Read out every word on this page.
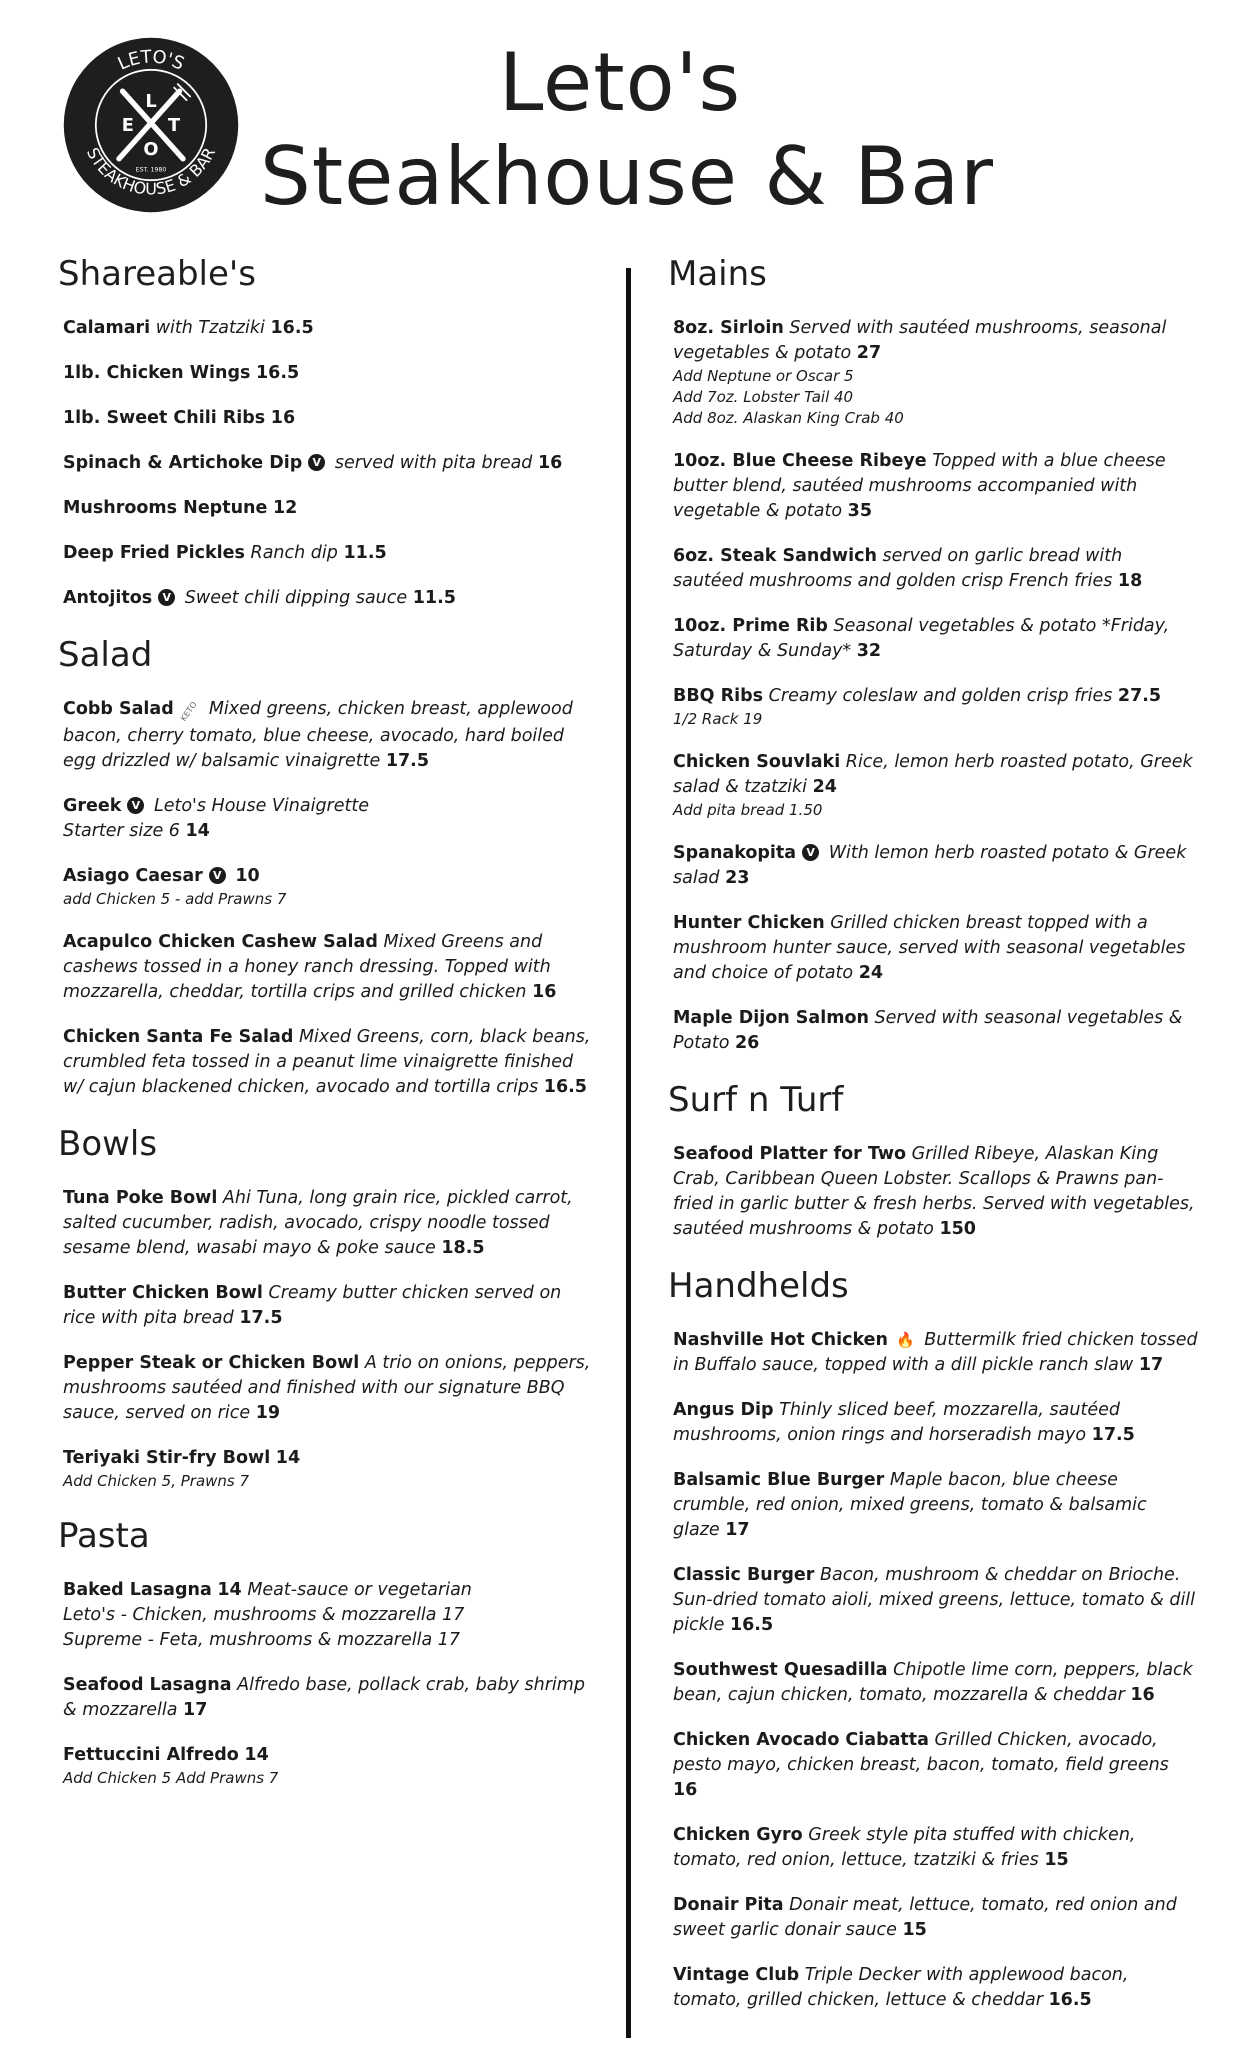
LETO'S
STEAKHOUSE & BAR
L
E T
O
EST. 1980
Leto's
Steakhouse & Bar
Shareable's
Calamari with Tzatziki 16.5
1lb. Chicken Wings 16.5
1lb. Sweet Chili Ribs 16
Spinach & Artichoke Dip V served with pita bread 16
Mushrooms Neptune 12
Deep Fried Pickles Ranch dip 11.5
Antojitos V Sweet chili dipping sauce 11.5
Salad
Cobb Salad KETO Mixed greens, chicken breast, applewood bacon, cherry tomato, blue cheese, avocado, hard boiled egg drizzled w/ balsamic vinaigrette 17.5
Greek V Leto's House Vinaigrette
Starter size 6 14
Asiago Caesar V 10
add Chicken 5 - add Prawns 7
Acapulco Chicken Cashew Salad Mixed Greens and cashews tossed in a honey ranch dressing. Topped with mozzarella, cheddar, tortilla crips and grilled chicken 16
Chicken Santa Fe Salad Mixed Greens, corn, black beans, crumbled feta tossed in a peanut lime vinaigrette finished w/ cajun blackened chicken, avocado and tortilla crips 16.5
Bowls
Tuna Poke Bowl Ahi Tuna, long grain rice, pickled carrot, salted cucumber, radish, avocado, crispy noodle tossed sesame blend, wasabi mayo & poke sauce 18.5
Butter Chicken Bowl Creamy butter chicken served on rice with pita bread 17.5
Pepper Steak or Chicken Bowl A trio on onions, peppers, mushrooms sautéed and finished with our signature BBQ sauce, served on rice 19
Teriyaki Stir-fry Bowl 14
Add Chicken 5, Prawns 7
Pasta
Baked Lasagna 14 Meat-sauce or vegetarian
Leto's - Chicken, mushrooms & mozzarella 17
Supreme - Feta, mushrooms & mozzarella 17
Seafood Lasagna Alfredo base, pollack crab, baby shrimp & mozzarella 17
Fettuccini Alfredo 14
Add Chicken 5 Add Prawns 7
Mains
8oz. Sirloin Served with sautéed mushrooms, seasonal vegetables & potato 27
Add Neptune or Oscar 5
Add 7oz. Lobster Tail 40
Add 8oz. Alaskan King Crab 40
10oz. Blue Cheese Ribeye Topped with a blue cheese butter blend, sautéed mushrooms accompanied with vegetable & potato 35
6oz. Steak Sandwich served on garlic bread with sautéed mushrooms and golden crisp French fries 18
10oz. Prime Rib Seasonal vegetables & potato *Friday, Saturday & Sunday* 32
BBQ Ribs Creamy coleslaw and golden crisp fries 27.5
1/2 Rack 19
Chicken Souvlaki Rice, lemon herb roasted potato, Greek salad & tzatziki 24
Add pita bread 1.50
Spanakopita V With lemon herb roasted potato & Greek salad 23
Hunter Chicken Grilled chicken breast topped with a mushroom hunter sauce, served with seasonal vegetables and choice of potato 24
Maple Dijon Salmon Served with seasonal vegetables & Potato 26
Surf n Turf
Seafood Platter for Two Grilled Ribeye, Alaskan King Crab, Caribbean Queen Lobster. Scallops & Prawns pan-fried in garlic butter & fresh herbs. Served with vegetables, sautéed mushrooms & potato 150
Handhelds
Nashville Hot Chicken 🔥 Buttermilk fried chicken tossed in Buffalo sauce, topped with a dill pickle ranch slaw 17
Angus Dip Thinly sliced beef, mozzarella, sautéed mushrooms, onion rings and horseradish mayo 17.5
Balsamic Blue Burger Maple bacon, blue cheese crumble, red onion, mixed greens, tomato & balsamic glaze 17
Classic Burger Bacon, mushroom & cheddar on Brioche. Sun-dried tomato aioli, mixed greens, lettuce, tomato & dill pickle 16.5
Southwest Quesadilla Chipotle lime corn, peppers, black bean, cajun chicken, tomato, mozzarella & cheddar 16
Chicken Avocado Ciabatta Grilled Chicken, avocado, pesto mayo, chicken breast, bacon, tomato, field greens 16
Chicken Gyro Greek style pita stuffed with chicken, tomato, red onion, lettuce, tzatziki & fries 15
Donair Pita Donair meat, lettuce, tomato, red onion and sweet garlic donair sauce 15
Vintage Club Triple Decker with applewood bacon, tomato, grilled chicken, lettuce & cheddar 16.5
